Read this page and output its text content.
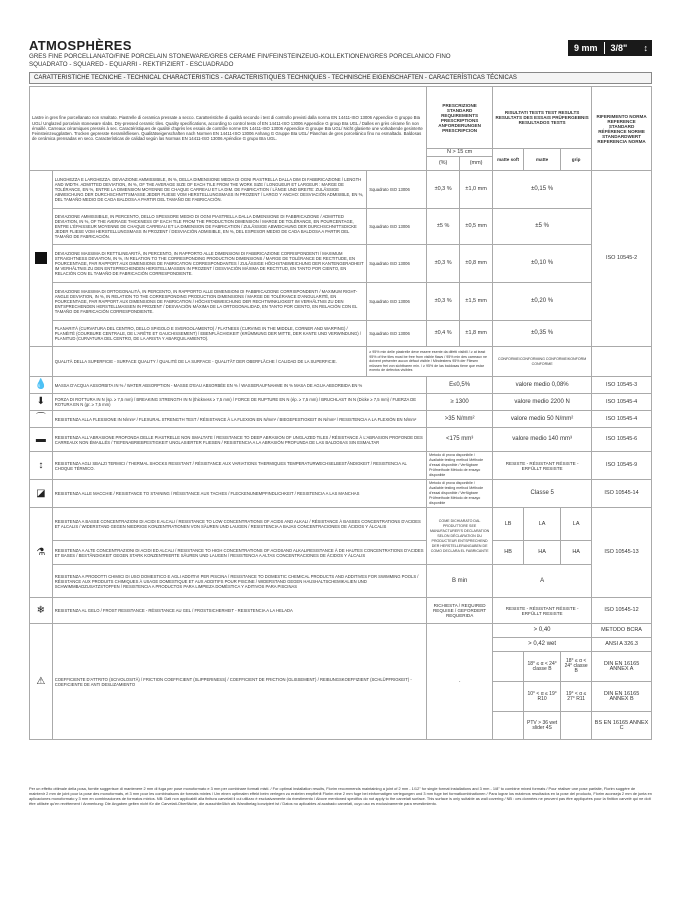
ATMOSPHÈRES
GRES FINE PORCELLANATO/FINE PORCELAIN STONEWARE/GRES CERAME FIN/FEINSTEINZEUG-KOLLEKTIONEN/GRES PORCELANICO FINO
SQUADRATO - SQUARED - EQUARRI - REKTIFIZIERT - ESCUADRADO
9 mm 3/8" ↕
CARATTERISTICHE TECNICHE - TECHNICAL CHARACTERISTICS - CARACTERISTIQUES TECHNIQUES - TECHNISCHE EIGENSCHAFTEN - CARACTERÍSTICAS TÉCNICAS
Lastre in gres fine porcellanato non smaltato. Piastrelle di ceramica pressate a secco. Caratteristiche di qualità secondo i test di controllo previsti dalla norma EN 14411-ISO 13006 Appendice G gruppo BIa UGL/ Unglazed porcelain stoneware slabs. Dry-pressed ceramic tiles. Quality specifications, according to control tests of EN 14411-ISO 13006 Appendice G group BIa UGL / Dalles en grès cérame fin non émaillé. Carreaux céramiques pressés à sec. Caractéristiques de qualité d'après les essais de contrôle norme EN 14411-ISO 13006 Appendice G groupe BIa UGL/ Nicht glasierte une vorkabende gesinterte Feinsteinzeugplatten. Trocken gepresste Keramikfliesen. Qualitätseigenschaften nach Normen EN 14411-ISO 13006 Anhang G Gruppe BIa UGL/ Planchas de gres porcelánico fino no esmaltado. Baldosas de cerámica prensadas en seco. Características de calidad según las Normas EN 14411-ISO 13006 Apéndice G grupo BIa UGL.			PRESCRIZIONE STANDARD REQUIREMENTS PRESCRIPTIONS ANFORDERUNGEN PRESCRIPCION		RISULTATI TESTS TEST RESULTS RESULTATS DES ESSAIS PRÜFERGEBNIS RESULTADOS TESTS			RIFERIMENTO NORMA REFERENCE STANDARD RÉFÉRENCE NORME STANDARDWERT REFERENCIA NORMA
			N > 15 cm		matte soft	matte	grip	
			(%)	(mm)				
	LUNGHEZZA E LARGHEZZA. DEVIAZIONE AMMISSIBILE, IN %, DELLA DIMENSIONE MEDIA DI OGNI PIASTRELLA DALLA DIM DI FABBRICAZIONE / LENGTH AND WIDTH. ADMITTED DEVIATION, IN %, OF THE AVERAGE SIZE OF EACH TILE FROM THE WORK SIZE / LONGUEUR ET LARGEUR : MARGE DE TOLÉRANCE, EN %, ENTRE LA DIMENSION MOYENNE DE CHAQUE CARREAU ET LA DIM. DE FABRICATION / LÄNGE UND BREITE: ZULÄSSIGE ABWEICHUNG DER DURCHSCHNITTSMASSE JEDER FLIESE VOM HERSTELLUNGSMASS IN PROZENT / LARGO Y ANCHO: DESVIACIÓN ADMISIBLE, EN %, DEL TAMAÑO MEDIO DE CADA BALDOSA A PARTIR DEL TAMAÑO DE FABRICACIÓN.	Squadrato ISO 13006	±0,3 %	±1,0 mm	±0,15 %			ISO 10545-2
	DEVIAZIONE AMMISSIBILE, IN PERCENTO, DELLO SPESSORE MEDIO DI OGNI PIASTRELLA DALLA DIMENSIONE DI FABBRICAZIONE / ADMITTED DEVIATION, IN %, OF THE AVERAGE THICKNESS OF EACH TILE FROM THE PRODUCTION DIMENSION / MARGE DE TOLÉRANCE, EN POURCENTAGE, ENTRE L'ÉPAISSEUR MOYENNE DE CHAQUE CARREAU ET LA DIMENSION DE FABRICATION / ZULÄSSIGE ABWEICHUNG DER DURCHSCHNITTSDICKE JEDER FLIESE VOM HERSTELLUNGSMASS IN PROZENT / DESVIACIÓN ADMISIBLE, EN %, DEL ESPESOR MEDIO DE CADA BALDOSA A PARTIR DEL TAMAÑO DE FABRICACIÓN.	Squadrato ISO 13006	±5 %	±0,5 mm	±5 %			
	DEVIAZIONE MASSIMA DI RETTILINEARITÀ, IN PERCENTO, IN RAPPORTO ALLE DIMENSIONI DI FABBRICAZIONE CORRISPONDENTI / MAXIMUM STRAIGHTNESS DEVIATION, IN %, IN RELATION TO THE CORRESPONDING PRODUCTION DIMENSIONS / MARGE DE TOLÉRANCE DE RECTITUDE, EN POURCENTAGE, PAR RAPPORT AUX DIMENSIONS DE FABRICATION CORRESPONDANTES / ZULÄSSIGE HÖCHSTABWEICHUNG DER KANTENGERADHEIT IM VERHÄLTNIS ZU DEN ENTSPRECHENDEN HERSTELLMASSEN IN PROZENT / DESVIACIÓN MÁXIMA DE RECTITUD, EN TANTO POR CIENTO, EN RELACIÓN CON EL TAMAÑO DE FABRICACIÓN CORRESPONDIENTE.	Squadrato ISO 13006	±0,3 %	±0,8 mm	±0,10 %			
	DEVIAZIONE MASSIMA DI ORTOGONALITÀ, IN PERCENTO, IN RAPPORTO ALLE DIMENSIONI DI FABBRICAZIONE CORRISPONDENTI / MAXIMUM RIGHT-ANGLE DEVIATION, IN %, IN RELATION TO THE CORRESPONDING PRODUCTION DIMENSIONS / MARGE DE TOLÉRANCE D'ANGULARITÉ, EN POURCENTAGE, PAR RAPPORT AUX DIMENSIONS DE FABRICATION / HÖCHSTABWEICHUNG DER RECHTWINKLIGKEIT IM VERHÄLTNIS ZU DEN ENTSPRECHENDEN HERSTELLMASSEN IN PROZENT / DESVIACIÓN MÁXIMA DE LA ORTOGONALIDAD, EN TANTO POR CIENTO, EN RELACIÓN CON EL TAMAÑO DE FABRICACIÓN CORRESPONDIENTE.	Squadrato ISO 13006	±0,3 %	±1,5 mm	±0,20 %			
	PLANARITÀ (CURVATURA DEL CENTRO, DELLO SPIGOLO E SVERGOLAMENTO) / FLATNESS (CURVING IN THE MIDDLE, CORNER AND WARPING) / PLANÉITÉ (COURBURE CENTRALE, DE L'ARÊTE ET GAUCHISSEMENT) / EBENFLÄCHIGKEIT (KRÜMMUNG DER MITTE, DER KANTE UND VERWINDUNG) / PLANITUD (CURVATURA DEL CENTRO, DE LA ARISTA Y ABARQUILAMIENTO).	Squadrato ISO 13006	±0,4 %	±1,8 mm	±0,35 %			
	QUALITÀ DELLA SUPERFICIE - SURFACE QUALITY / QUALITÉ DE LA SURFACE - QUALITÄT DER OBERFLÄCHE / CALIDAD DE LA SUPERFICIE.	≥ 95% min delle piastrelle deve essere esente da difetti visibili / ≥ at least 95% of the tiles must be free from visible flaws / 95% min des carreaux ne doivent présenter aucun défaut visible / Mindestens 95% der Fliesen müssen frei von sichtbaren min. / ≥ 95% de las baldosas tiene que estar exento de defectos visibles			CONFORME/CONFORMING CONFORME/KONFORM CONFORME			
💧	MASSA D'ACQUA ASSORBITA IN % / WATER ABSORPTION - MASSE D'EAU ABSORBÉE EN % / WASSERAUFNAHME IN % MASA DE AGUA ABSORBIDA EN %		E≤0,5%		valore medio 0,08%			ISO 10545-3
⬇	FORZA DI ROTTURA IN N (sp. ≥ 7,5 mm) / BREAKING STRENGTH IN N (thickness ≥ 7,5 mm) / FORCE DE RUPTURE EN N (ép. ≥ 7,5 mm) / BRUCHLAST IN N (Dicke ≥ 7,5 mm) / FUERZA DE ROTURA EN N (gr. ≥ 7,5 mm)		≥ 1300		valore medio 2200 N			ISO 10545-4
⌒	RESISTENZA ALLA FLESSIONE IN N/mm² / FLEXURAL STRENGTH TEST / RÉSISTANCE À LA FLEXION EN N/mm² / BIEGEFESTIGKEIT IN N/mm² / RESISTENCIA A LA FLEXIÓN EN N/mm²		>35 N/mm²		valore medio 50 N/mm²			ISO 10545-4
▬	RESISTENZA ALL'ABRASIONE PROFONDA DELLE PIASTRELLE NON SMALTATE / RESISTANCE TO DEEP ABRASION OF UNGLAZED TILES / RÉSISTANCE À L'ABRASION PROFONDE DES CARREAUX NON ÉMAILLÉS / TIEFENABRIEBFESTIGKEIT UNGLASIERTER FLIESEN / RESISTENCIA A LA ABRASIÓN PROFUNDA DE LAS BALDOSAS SIN ESMALTAR		<175 mm³		valore medio 140 mm³			ISO 10545-6
↕	RESISTENZA AGLI SBALZI TERMICI / THERMAL SHOCKS RESISTANT / RÉSISTANCE AUX VARIATIONS THERMIQUES TEMPERATURWECHSELBESTÄNDIGKEIT / RESISTENCIA AL CHOQUE TÉRMICO.		Metodo di prova disponibile / Available testing method Méthode d'essai disponible / Verfügbare Prüfmethode Método de ensayo disponible		RESISTE - RÉSISTANT RÉSISTE - ERFÜLLT RESISTE			ISO 10545-9
◪	RESISTENZA ALLE MACCHIE / RESISTANCE TO STAINING / RÉSISTANCE AUX TACHES / FLECKENUNEMPFINDLICHKEIT / RESISTENCIA A LAS MANCHAS		Metodo di prova disponibile / Available testing method Méthode d'essai disponible / Verfügbare Prüfmethode Método de ensayo disponible		Classe 5			ISO 10545-14
⚗	RESISTENZA A BASSE CONCENTRAZIONI DI ACIDI E ALCALI / RESISTANCE TO LOW CONCENTRATIONS OF ACIDS AND ALKALI / RÉSISTANCE À BASSES CONCENTRATIONS D'ACIDES ET ALCALIS / WIDERSTAND GEGEN NIEDRIGE KONZENTRATIONEN VON SÄUREN UND LAUGEN / RESISTENCIA A BAJAS CONCENTRACIONES DE ÁCIDOS Y ÁLCALIS		COME DICHIARATO DAL PRODUTTORE SEE MANUFACTURER'S DECLARATION SELON DÉCLARATION DU PRODUCTEUR ENTSPRECHEND DER HERSTELLERANGABEN DE COMO DECLARA EL FABRICANTE		LB	LA	LA	ISO 10545-13
	RESISTENZA A ALTE CONCENTRAZIONI DI ACIDI ED ALCALI / RESISTANCE TO HIGH CONCENTRATIONS OF ACIDSAND ALKALIRESISTANCE À DE HAUTES CONCENTRATIONS D'ACIDES ET BASES / BESTÄNDIGKEIT GEGEN STARK KONZENTRIERTE SÄUREN UND LAUGEN / RESISTENCIA A ALTAS CONCENTRACIONES DE ÁCIDOS Y ÁLCALIS				HB	HA	HA	
	RESISTENZA A PRODOTTI CHIMICI DI USO DOMESTICO E AGLI ADDITIVI PER PISCINA / RESISTANCE TO DOMESTIC CHEMICAL PRODUCTS AND ADDITIVES FOR SWIMMING POOLS / RÉSISTANCE AUX PRODUITS CHIMIQUES À USAGE DOMESTIQUE ET AUX ADDITIFS POUR PISCINE / WIDERSTAND GEGEN HAUSHALTSCHEMIKALIEN UND SCHWIMMBADZUSATZSTOFFEN / RESISTENCIA A PRODUCTOS PARA LIMPIEZA DOMÉSTICA Y ADITIVOS PARA PISCINAS		B min		A			
❄	RESISTENZA AL GELO / FROST RESISTANCE - RÉSISTANCE AU GEL / FROSTSICHERHEIT - RESISTENCIA A LA HELADA		RICHIESTA / REQUIRED REQUISE / GEFORDERT REQUERIDA		RESISTE - RÉSISTANT RÉSISTE - ERFÜLLT RESISTE			ISO 10545-12
⚠	COEFFICIENTE D'ATTRITO (SCIVOLOSITÀ) / FRICTION COEFFICIENT (SLIPPERINESS) / COEFFICIENT DE FRICTION (GLISSEMENT) / REIBUNGSKOEFFIZIENT (SCHLÜPFRIGKEIT) - COEFICIENTE DE ANTI DESLIZAMIENTO		-		> 0,40			METODO BCRA
					> 0,42 wet			ANSI A 326.3
						18° ≤ α < 24° classe B	18° ≤ α < 24° classe B	DIN EN 16165 ANNEX A
						10° < α ≤ 19° R10	19° < α ≤ 27° R11	DIN EN 16165 ANNEX B
						PTV > 36 wet slider 4S		BS EN 16165 ANNEX C
Per un effetto ottimale della posa, fornite suggerisce di mantenere 2 mm di fuga per pose monoformato e 3 mm per combinare formati misti. / For optimal installation results, Florim recommends maintaining a joint of 2 mm - 1/12" for single format installations and 3 mm - 1/8" to combine mixed formats / Pour réaliser une pose parfaite, Florim suggère de maintenir 2 mm de joint pour la pose des monoformats, et 3 mm pour les combinaisons de formats mixtes / Um einen optimalen effekt beim verlegen zu erzielen empfiehlt Florim eine 2 mm fuge bei einformatigen verlegungen und 3 mm fuge bei formatkombinationen / Para lograr los máximos resultados en la pose del producto, Florim aconseja 2 mm de junta en aplicaciones monoformato y 3 mm en combinaciones de formatos mixtos. NB: Dati non applicabili alla finitura carvelati il cui utilizzo è esclusivamente da rivestimento / Above mentioned specifics do not apply to the carvelati surface. This surface is only suitable as wall covering / NB : ces données ne peuvent pas être appliquées pour la finition carvelé qui ne doit être utilisée qu'en revêtement / Anmerkung: Die Angaben gelten nicht für die Carvelati-Oberfläche, die ausschließlich als Wandbelag konzipiert ist / Datos no aplicables al acabado carvelati, cuyo uso es exclusivamente para revestimiento.
